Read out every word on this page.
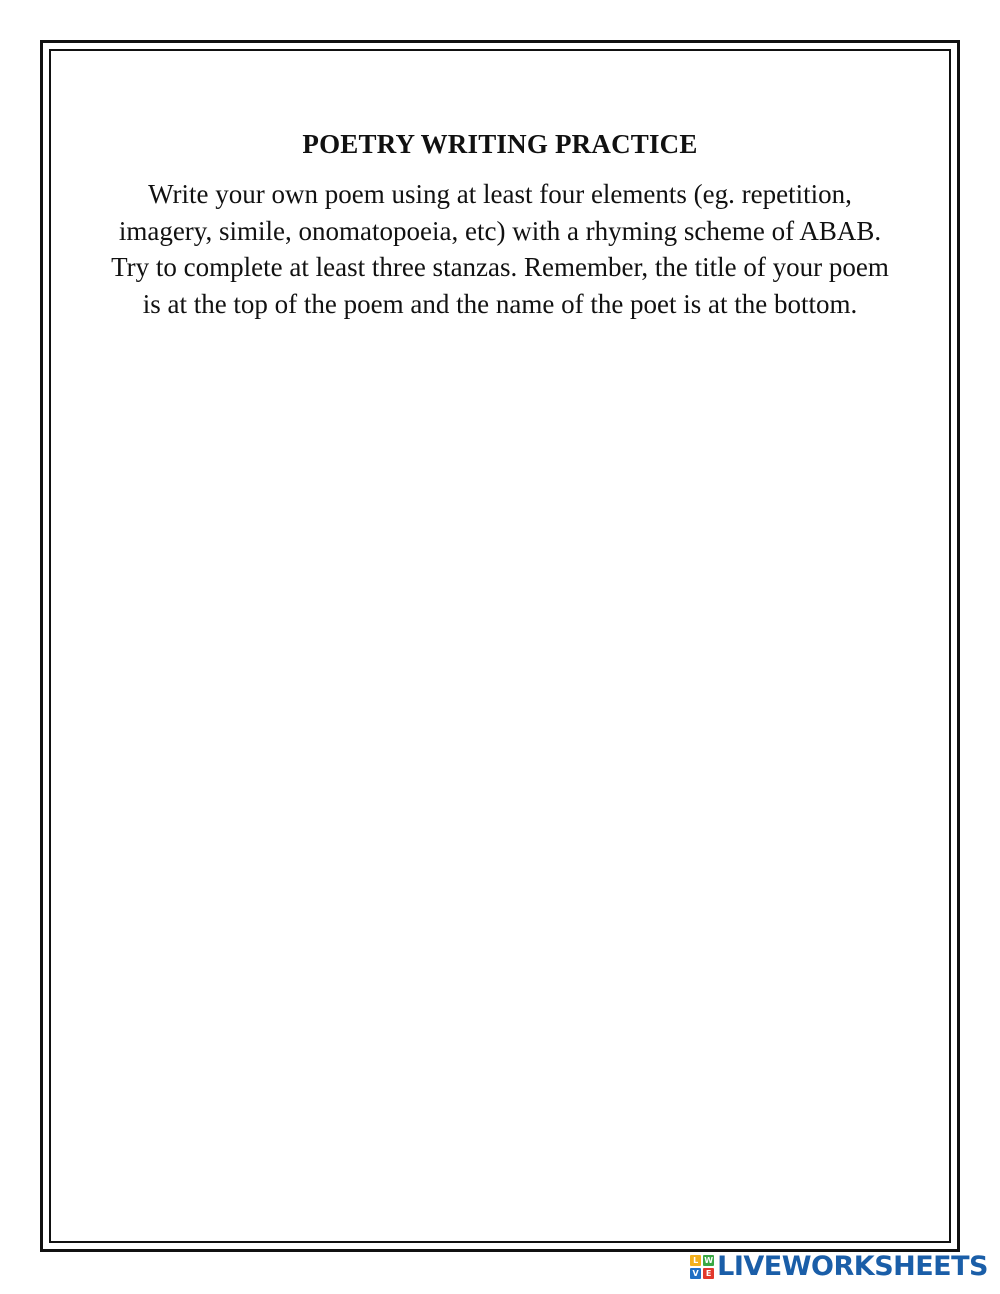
POETRY WRITING PRACTICE
Write your own poem using at least four elements (eg. repetition, imagery, simile, onomatopoeia, etc) with a rhyming scheme of ABAB. Try to complete at least three stanzas. Remember, the title of your poem is at the top of the poem and the name of the poet is at the bottom.
L W
V E LIVEWORKSHEETS
